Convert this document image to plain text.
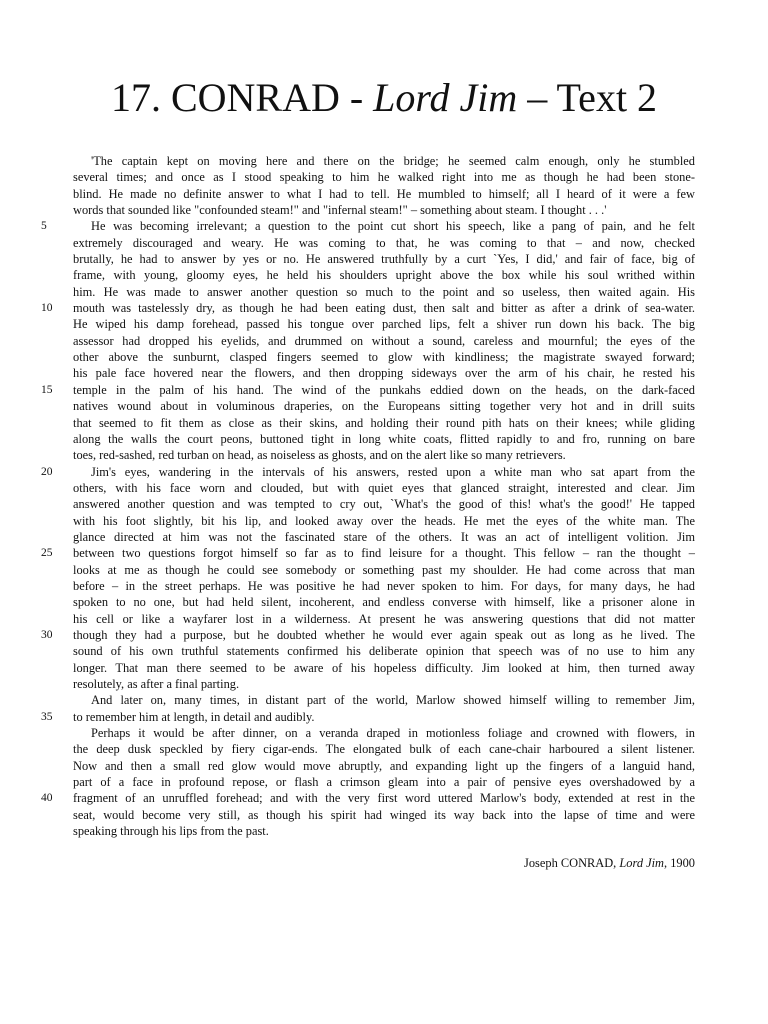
17. CONRAD - Lord Jim – Text 2
'The captain kept on moving here and there on the bridge; he seemed calm enough, only he stumbled
several times; and once as I stood speaking to him he walked right into me as though he had been stone-
blind. He made no definite answer to what I had to tell. He mumbled to himself; all I heard of it were a few
words that sounded like "confounded steam!" and "infernal steam!" – something about steam. I thought . . .'
5	He was becoming irrelevant; a question to the point cut short his speech, like a pang of pain, and he felt
extremely discouraged and weary. He was coming to that, he was coming to that – and now, checked
brutally, he had to answer by yes or no. He answered truthfully by a curt `Yes, I did,' and fair of face, big of
frame, with young, gloomy eyes, he held his shoulders upright above the box while his soul writhed within
him. He was made to answer another question so much to the point and so useless, then waited again. His
10	mouth was tastelessly dry, as though he had been eating dust, then salt and bitter as after a drink of sea-water.
He wiped his damp forehead, passed his tongue over parched lips, felt a shiver run down his back. The big
assessor had dropped his eyelids, and drummed on without a sound, careless and mournful; the eyes of the
other above the sunburnt, clasped fingers seemed to glow with kindliness; the magistrate swayed forward;
his pale face hovered near the flowers, and then dropping sideways over the arm of his chair, he rested his
15	temple in the palm of his hand. The wind of the punkahs eddied down on the heads, on the dark-faced
natives wound about in voluminous draperies, on the Europeans sitting together very hot and in drill suits
that seemed to fit them as close as their skins, and holding their round pith hats on their knees; while gliding
along the walls the court peons, buttoned tight in long white coats, flitted rapidly to and fro, running on bare
toes, red-sashed, red turban on head, as noiseless as ghosts, and on the alert like so many retrievers.
20	Jim's eyes, wandering in the intervals of his answers, rested upon a white man who sat apart from the
others, with his face worn and clouded, but with quiet eyes that glanced straight, interested and clear. Jim
answered another question and was tempted to cry out, `What's the good of this! what's the good!' He tapped
with his foot slightly, bit his lip, and looked away over the heads. He met the eyes of the white man. The
glance directed at him was not the fascinated stare of the others. It was an act of intelligent volition. Jim
25	between two questions forgot himself so far as to find leisure for a thought. This fellow – ran the thought –
looks at me as though he could see somebody or something past my shoulder. He had come across that man
before – in the street perhaps. He was positive he had never spoken to him. For days, for many days, he had
spoken to no one, but had held silent, incoherent, and endless converse with himself, like a prisoner alone in
his cell or like a wayfarer lost in a wilderness. At present he was answering questions that did not matter
30	though they had a purpose, but he doubted whether he would ever again speak out as long as he lived. The
sound of his own truthful statements confirmed his deliberate opinion that speech was of no use to him any
longer. That man there seemed to be aware of his hopeless difficulty. Jim looked at him, then turned away
resolutely, as after a final parting.
And later on, many times, in distant part of the world, Marlow showed himself willing to remember Jim,
35	to remember him at length, in detail and audibly.
Perhaps it would be after dinner, on a veranda draped in motionless foliage and crowned with flowers, in
the deep dusk speckled by fiery cigar-ends. The elongated bulk of each cane-chair harboured a silent listener.
Now and then a small red glow would move abruptly, and expanding light up the fingers of a languid hand,
part of a face in profound repose, or flash a crimson gleam into a pair of pensive eyes overshadowed by a
40	fragment of an unruffled forehead; and with the very first word uttered Marlow's body, extended at rest in the
seat, would become very still, as though his spirit had winged its way back into the lapse of time and were
speaking through his lips from the past.
Joseph CONRAD, Lord Jim, 1900
